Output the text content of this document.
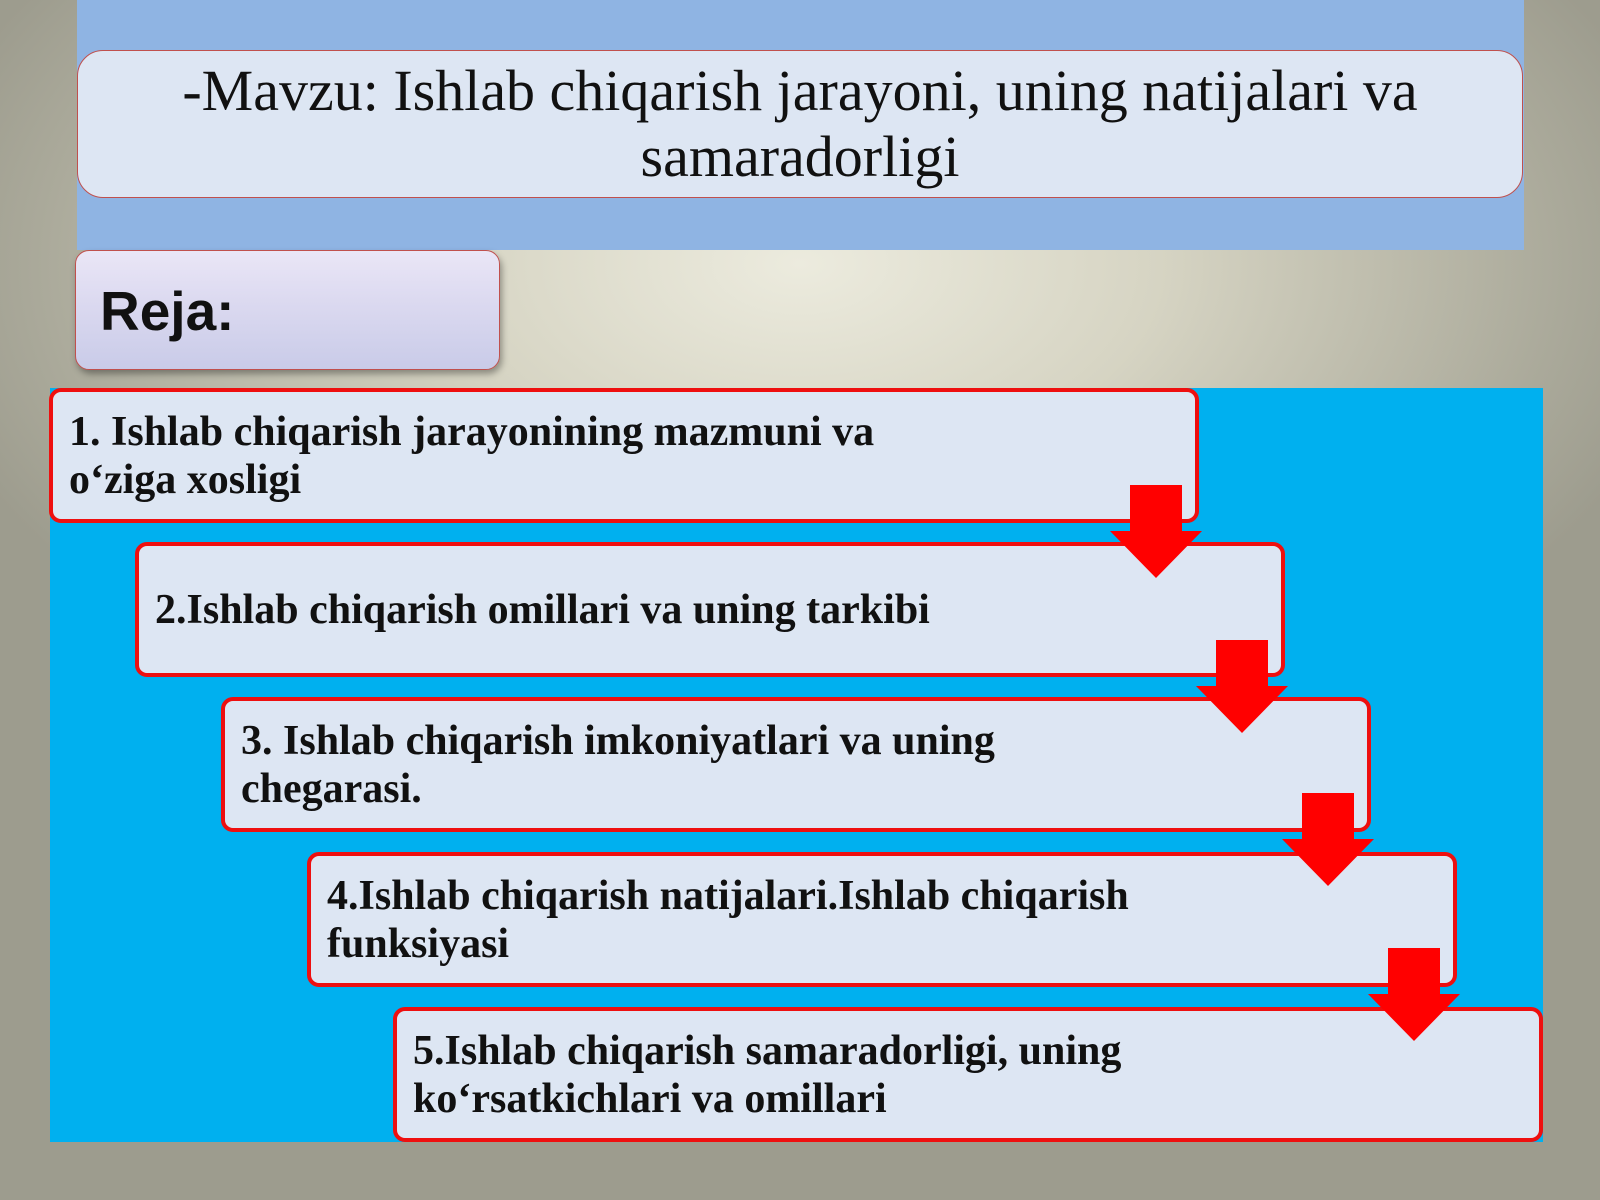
-Mavzu: Ishlab chiqarish jarayoni, uning natijalari va samaradorligi
Reja:
1. Ishlab chiqarish jarayonining mazmuni va o‘ziga xosligi
2.Ishlab chiqarish omillari va uning tarkibi
3. Ishlab chiqarish imkoniyatlari va uning chegarasi.
4.Ishlab chiqarish natijalari.Ishlab chiqarish funksiyasi
5.Ishlab chiqarish samaradorligi, uning ko‘rsatkichlari va omillari
